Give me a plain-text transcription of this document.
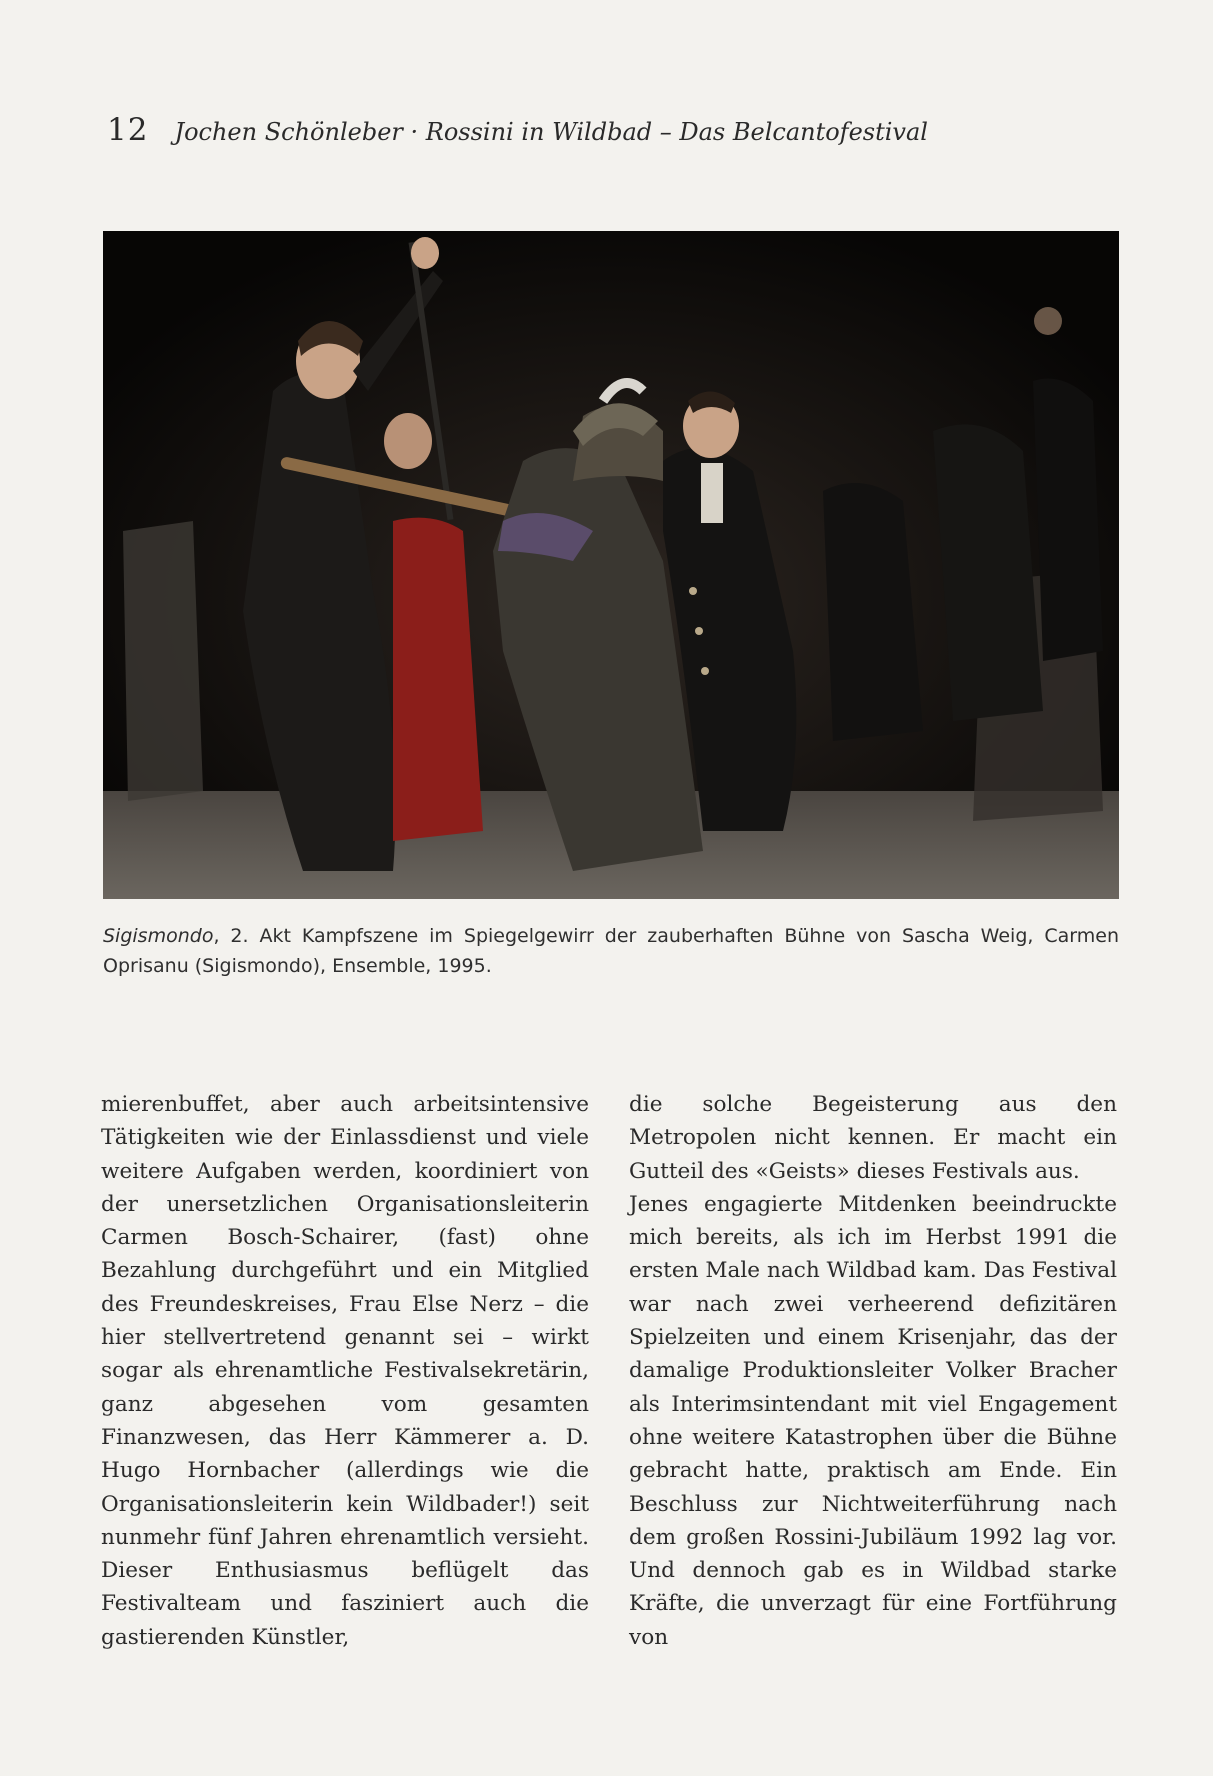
12 Jochen Schönleber · Rossini in Wildbad – Das Belcantofestival
Sigismondo, 2. Akt Kampfszene im Spiegelgewirr der zauberhaften Bühne von Sascha Weig, Carmen Oprisanu (Sigismondo), Ensemble, 1995.

mierenbuffet, aber auch arbeitsintensive Tätigkeiten wie der Einlassdienst und viele weitere Aufgaben werden, koordiniert von der unersetzlichen Organisationsleiterin Carmen Bosch-Schairer, (fast) ohne Bezahlung durchgeführt und ein Mitglied des Freundeskreises, Frau Else Nerz – die hier stellvertretend genannt sei – wirkt sogar als ehrenamtliche Festivalsekretärin, ganz abgesehen vom gesamten Finanzwesen, das Herr Kämmerer a. D. Hugo Hornbacher (allerdings wie die Organisationsleiterin kein Wildbader!) seit nunmehr fünf Jahren ehrenamtlich versieht. Dieser Enthusiasmus beflügelt das Festivalteam und fasziniert auch die gastierenden Künstler,

die solche Begeisterung aus den Metropolen nicht kennen. Er macht ein Gutteil des «Geists» dieses Festivals aus.

Jenes engagierte Mitdenken beeindruckte mich bereits, als ich im Herbst 1991 die ersten Male nach Wildbad kam. Das Festival war nach zwei verheerend defizitären Spielzeiten und einem Krisenjahr, das der damalige Produktionsleiter Volker Bracher als Interimsintendant mit viel Engagement ohne weitere Katastrophen über die Bühne gebracht hatte, praktisch am Ende. Ein Beschluss zur Nichtweiterführung nach dem großen Rossini-Jubiläum 1992 lag vor. Und dennoch gab es in Wildbad starke Kräfte, die unverzagt für eine Fortführung von
